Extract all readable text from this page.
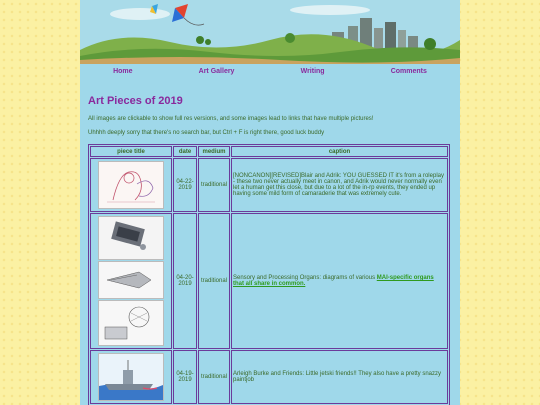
Home	Art Gallery	Writing	Comments
Art Pieces of 2019

All images are clickable to show full res versions, and some images lead to links that have multiple pictures!

Uhhhh deeply sorry that there's no search bar, but Ctrl + F is right there, good luck buddy

piece title	date	medium	caption

	04-22-2019	traditional	[NONCANON][REVISED]Blair and Adrik: YOU GUESSED IT it's from a roleplay - these two never actually meet in canon, and Adrik would never normally even let a human get this close, but due to a lot of the in-rp events, they ended up having some mild form of camaraderie that was extremely cute.

	04-20-2019	traditional	Sensory and Processing Organs: diagrams of various MAI-specific organs that all share in common.

	04-19-2019	traditional	Arleigh Burke and Friends: Little jetski friends!! They also have a pretty snazzy paintjob
